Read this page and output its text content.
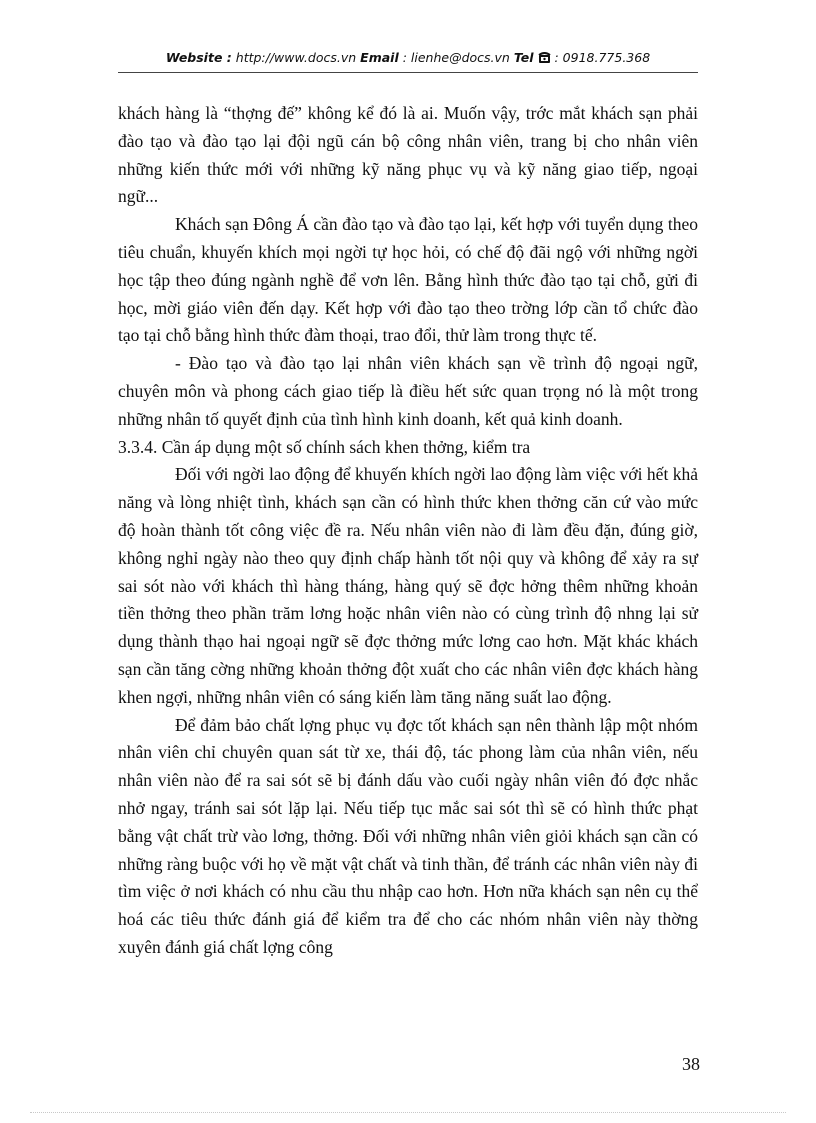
Website : http://www.docs.vn Email : lienhe@docs.vn Tel : 0918.775.368

khách hàng là “thợng đế” không kể đó là ai. Muốn vậy, trớc mắt khách sạn phải đào tạo và đào tạo lại đội ngũ cán bộ công nhân viên, trang bị cho nhân viên những kiến thức mới với những kỹ năng phục vụ và kỹ năng giao tiếp, ngoại ngữ...

Khách sạn Đông Á cần đào tạo và đào tạo lại, kết hợp với tuyển dụng theo tiêu chuẩn, khuyến khích mọi ngời tự học hỏi, có chế độ đãi ngộ với những ngời học tập theo đúng ngành nghề để vơn lên. Bằng hình thức đào tạo tại chỗ, gửi đi học, mời giáo viên đến dạy. Kết hợp với đào tạo theo trờng lớp cần tổ chức đào tạo tại chỗ bằng hình thức đàm thoại, trao đổi, thử làm trong thực tế.

- Đào tạo và đào tạo lại nhân viên khách sạn về trình độ ngoại ngữ, chuyên môn và phong cách giao tiếp là điều hết sức quan trọng nó là một trong những nhân tố quyết định của tình hình kinh doanh, kết quả kinh doanh.

3.3.4. Cần áp dụng một số chính sách khen thởng, kiểm tra

Đối với ngời lao động để khuyến khích ngời lao động làm việc với hết khả năng và lòng nhiệt tình, khách sạn cần có hình thức khen thởng căn cứ vào mức độ hoàn thành tốt công việc đề ra. Nếu nhân viên nào đi làm đều đặn, đúng giờ, không nghỉ ngày nào theo quy định chấp hành tốt nội quy và không để xảy ra sự sai sót nào với khách thì hàng tháng, hàng quý sẽ đợc hởng thêm những khoản tiền thởng theo phần trăm lơng hoặc nhân viên nào có cùng trình độ nhng lại sử dụng thành thạo hai ngoại ngữ sẽ đợc thởng mức lơng cao hơn. Mặt khác khách sạn cần tăng cờng những khoản thởng đột xuất cho các nhân viên đợc khách hàng khen ngợi, những nhân viên có sáng kiến làm tăng năng suất lao động.

Để đảm bảo chất lợng phục vụ đợc tốt khách sạn nên thành lập một nhóm nhân viên chỉ chuyên quan sát từ xe, thái độ, tác phong làm của nhân viên, nếu nhân viên nào để ra sai sót sẽ bị đánh dấu vào cuối ngày nhân viên đó đợc nhắc nhở ngay, tránh sai sót lặp lại. Nếu tiếp tục mắc sai sót thì sẽ có hình thức phạt bằng vật chất trừ vào lơng, thởng. Đối với những nhân viên giỏi khách sạn cần có những ràng buộc với họ về mặt vật chất và tinh thần, để tránh các nhân viên này đi tìm việc ở nơi khách có nhu cầu thu nhập cao hơn. Hơn nữa khách sạn nên cụ thể hoá các tiêu thức đánh giá để kiểm tra để cho các nhóm nhân viên này thờng xuyên đánh giá chất lợng công

38
